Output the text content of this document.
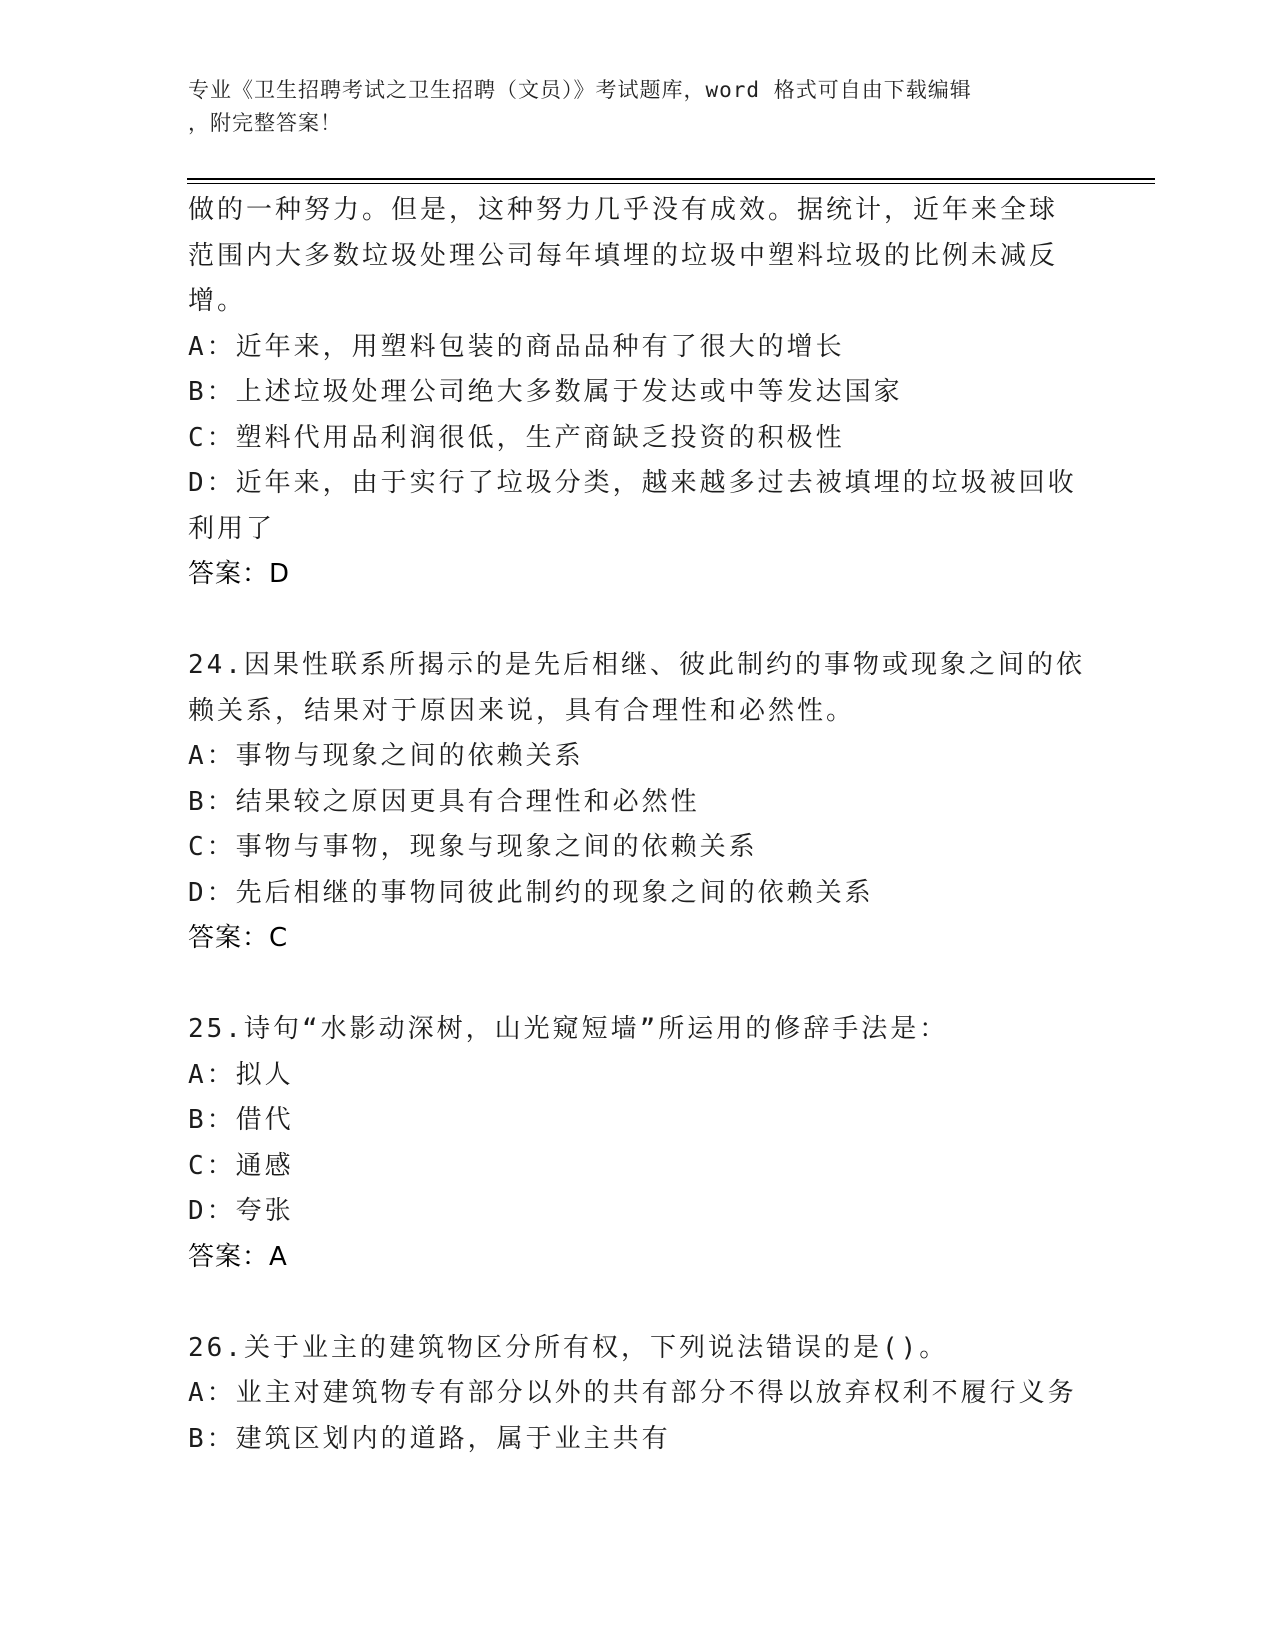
专业《卫生招聘考试之卫生招聘（文员）》考试题库，word 格式可自由下载编辑
，附完整答案！
做的一种努力。但是，这种努力几乎没有成效。据统计，近年来全球
范围内大多数垃圾处理公司每年填埋的垃圾中塑料垃圾的比例未减反
增。
A：近年来，用塑料包装的商品品种有了很大的增长
B：上述垃圾处理公司绝大多数属于发达或中等发达国家
C：塑料代用品利润很低，生产商缺乏投资的积极性
D：近年来，由于实行了垃圾分类，越来越多过去被填埋的垃圾被回收
利用了
答案：D
24.因果性联系所揭示的是先后相继、彼此制约的事物或现象之间的依
赖关系，结果对于原因来说，具有合理性和必然性。
A：事物与现象之间的依赖关系
B：结果较之原因更具有合理性和必然性
C：事物与事物，现象与现象之间的依赖关系
D：先后相继的事物同彼此制约的现象之间的依赖关系
答案：C
25.诗句“水影动深树，山光窥短墙”所运用的修辞手法是：
A：拟人
B：借代
C：通感
D：夸张
答案：A
26.关于业主的建筑物区分所有权，下列说法错误的是()。
A：业主对建筑物专有部分以外的共有部分不得以放弃权利不履行义务
B：建筑区划内的道路，属于业主共有
